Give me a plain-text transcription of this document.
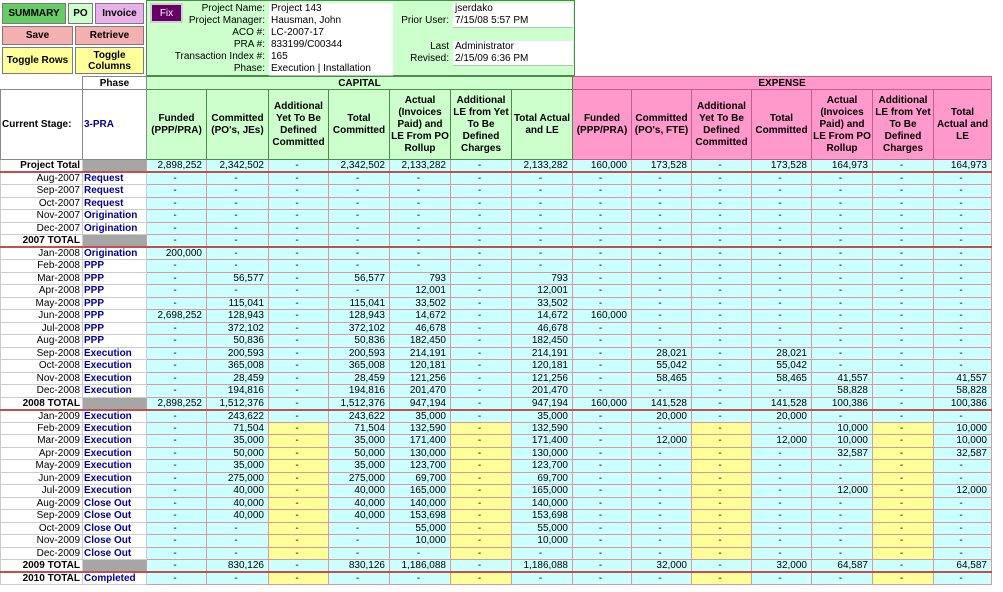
SUMMARY	PO	Invoice
Save	Retrieve
Toggle Rows	Toggle Columns
Project Name: Project 143
Project Manager: Hausman, John
ACO #: LC-2007-17
PRA #: 833199/C00344
Transaction Index #: 165
Phase: Execution | Installation
Prior User:
jserdako
7/15/08 5:57 PM
Last Administrator
Revised: 2/15/09 6:36 PM
Fix
	Phase	CAPITAL							EXPENSE						
Current Stage:	3-PRA	Funded (PPP/PRA)	Committed (PO's, JEs)	Additional Yet To Be Defined Committed	Total Committed	Actual (Invoices Paid) and LE From PO Rollup	Additional LE from Yet To Be Defined Charges	Total Actual and LE	Funded (PPP/PRA)	Committed (PO's, FTE)	Additional Yet To Be Defined Committed	Total Committed	Actual (Invoices Paid) and LE From PO Rollup	Additional LE from Yet To Be Defined Charges	Total Actual and LE
Project Total		2,898,252	2,342,502	-	2,342,502	2,133,282	-	2,133,282	160,000	173,528	-	173,528	164,973	-	164,973
Aug-2007	Request	-	-	-	-	-	-	-	-	-	-	-	-	-	-
Sep-2007	Request	-	-	-	-	-	-	-	-	-	-	-	-	-	-
Oct-2007	Request	-	-	-	-	-	-	-	-	-	-	-	-	-	-
Nov-2007	Origination	-	-	-	-	-	-	-	-	-	-	-	-	-	-
Dec-2007	Origination	-	-	-	-	-	-	-	-	-	-	-	-	-	-
2007 TOTAL		-	-	-	-	-	-	-	-	-	-	-	-	-	-
Jan-2008	Origination	200,000	-	-	-	-	-	-	-	-	-	-	-	-	-
Feb-2008	PPP	-	-	-	-	-	-	-	-	-	-	-	-	-	-
Mar-2008	PPP	-	56,577	-	56,577	793	-	793	-	-	-	-	-	-	-
Apr-2008	PPP	-	-	-	-	12,001	-	12,001	-	-	-	-	-	-	-
May-2008	PPP	-	115,041	-	115,041	33,502	-	33,502	-	-	-	-	-	-	-
Jun-2008	PPP	2,698,252	128,943	-	128,943	14,672	-	14,672	160,000	-	-	-	-	-	-
Jul-2008	PPP	-	372,102	-	372,102	46,678	-	46,678	-	-	-	-	-	-	-
Aug-2008	PPP	-	50,836	-	50,836	182,450	-	182,450	-	-	-	-	-	-	-
Sep-2008	Execution	-	200,593	-	200,593	214,191	-	214,191	-	28,021	-	28,021	-	-	-
Oct-2008	Execution	-	365,008	-	365,008	120,181	-	120,181	-	55,042	-	55,042	-	-	-
Nov-2008	Execution	-	28,459	-	28,459	121,256	-	121,256	-	58,465	-	58,465	41,557	-	41,557
Dec-2008	Execution	-	194,816	-	194,816	201,470	-	201,470	-	-	-	-	58,828	-	58,828
2008 TOTAL		2,898,252	1,512,376	-	1,512,376	947,194	-	947,194	160,000	141,528	-	141,528	100,386	-	100,386
Jan-2009	Execution	-	243,622	-	243,622	35,000	-	35,000	-	20,000	-	20,000	-	-	-
Feb-2009	Execution	-	71,504	-	71,504	132,590	-	132,590	-	-	-	-	10,000	-	10,000
Mar-2009	Execution	-	35,000	-	35,000	171,400	-	171,400	-	12,000	-	12,000	10,000	-	10,000
Apr-2009	Execution	-	50,000	-	50,000	130,000	-	130,000	-	-	-	-	32,587	-	32,587
May-2009	Execution	-	35,000	-	35,000	123,700	-	123,700	-	-	-	-	-	-	-
Jun-2009	Execution	-	275,000	-	275,000	69,700	-	69,700	-	-	-	-	-	-	-
Jul-2009	Execution	-	40,000	-	40,000	165,000	-	165,000	-	-	-	-	12,000	-	12,000
Aug-2009	Close Out	-	40,000	-	40,000	140,000	-	140,000	-	-	-	-	-	-	-
Sep-2009	Close Out	-	40,000	-	40,000	153,698	-	153,698	-	-	-	-	-	-	-
Oct-2009	Close Out	-	-	-	-	55,000	-	55,000	-	-	-	-	-	-	-
Nov-2009	Close Out	-	-	-	-	10,000	-	10,000	-	-	-	-	-	-	-
Dec-2009	Close Out	-	-	-	-	-	-	-	-	-	-	-	-	-	-
2009 TOTAL		-	830,126	-	830,126	1,186,088	-	1,186,088	-	32,000	-	32,000	64,587	-	64,587
2010 TOTAL	Completed	-	-	-	-	-	-	-	-	-	-	-	-	-	-
